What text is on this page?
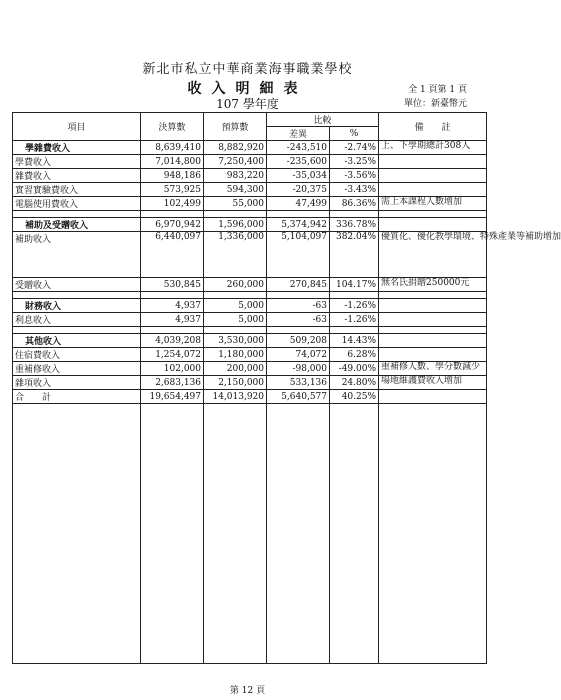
新北市私立中華商業海事職業學校
收入明細表
107 學年度
全 1 頁第 1 頁
單位：新臺幣元
項目	決算數	預算數	比較		備　　註
			差異	%	
學雜費收入	8,639,410	8,882,920	-243,510	-2.74%	上、下學期總計308人
學費收入	7,014,800	7,250,400	-235,600	-3.25%	
雜費收入	948,186	983,220	-35,034	-3.56%	
實習實驗費收入	573,925	594,300	-20,375	-3.43%	
電腦使用費收入	102,499	55,000	47,499	86.36%	需上本課程人數增加

補助及受贈收入	6,970,942	1,596,000	5,374,942	336.78%	
補助收入	6,440,097	1,336,000	5,104,097	382.04%	優質化、優化教學環境、特殊產業等補助增加
受贈收入	530,845	260,000	270,845	104.17%	無名氏捐贈250000元

財務收入	4,937	5,000	-63	-1.26%	
利息收入	4,937	5,000	-63	-1.26%	

其他收入	4,039,208	3,530,000	509,208	14.43%	
住宿費收入	1,254,072	1,180,000	74,072	6.28%	
重補修收入	102,000	200,000	-98,000	-49.00%	重補修人數、學分數減少
雜項收入	2,683,136	2,150,000	533,136	24.80%	場地維護費收入增加
合　　計	19,654,497	14,013,920	5,640,577	40.25%	

第 12 頁
